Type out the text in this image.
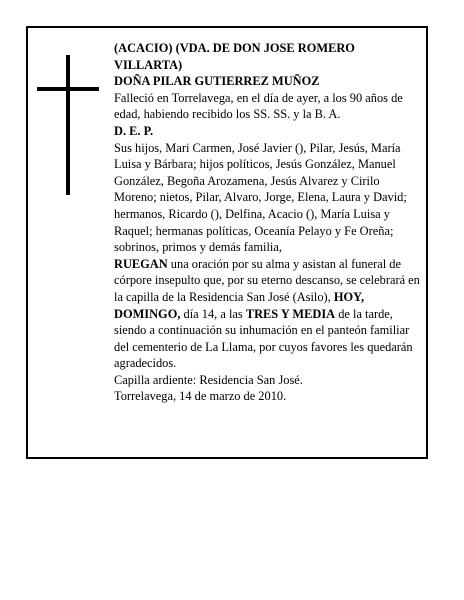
(ACACIO) (VDA. DE DON JOSE ROMERO VILLARTA)

DOÑA PILAR GUTIERREZ MUÑOZ

Falleció en Torrelavega, en el día de ayer, a los 90 años de edad, habiendo recibido los SS. SS. y la B. A.

D. E. P.

Sus hijos, Mari Carmen, José Javier (), Pilar, Jesús, María Luisa y Bárbara; hijos políticos, Jesús González, Manuel González, Begoña Arozamena, Jesús Alvarez y Cirilo Moreno; nietos, Pilar, Alvaro, Jorge, Elena, Laura y David; hermanos, Ricardo (), Delfina, Acacio (), María Luisa y Raquel; hermanas políticas, Oceanía Pelayo y Fe Oreña; sobrinos, primos y demás familia,

RUEGAN una oración por su alma y asistan al funeral de córpore insepulto que, por su eterno descanso, se celebrará en la capilla de la Residencia San José (Asilo), HOY, DOMINGO, día 14, a las TRES Y MEDIA de la tarde, siendo a continuación su inhumación en el panteón familiar del cementerio de La Llama, por cuyos favores les quedarán agradecidos.

Capilla ardiente: Residencia San José.

Torrelavega, 14 de marzo de 2010.
